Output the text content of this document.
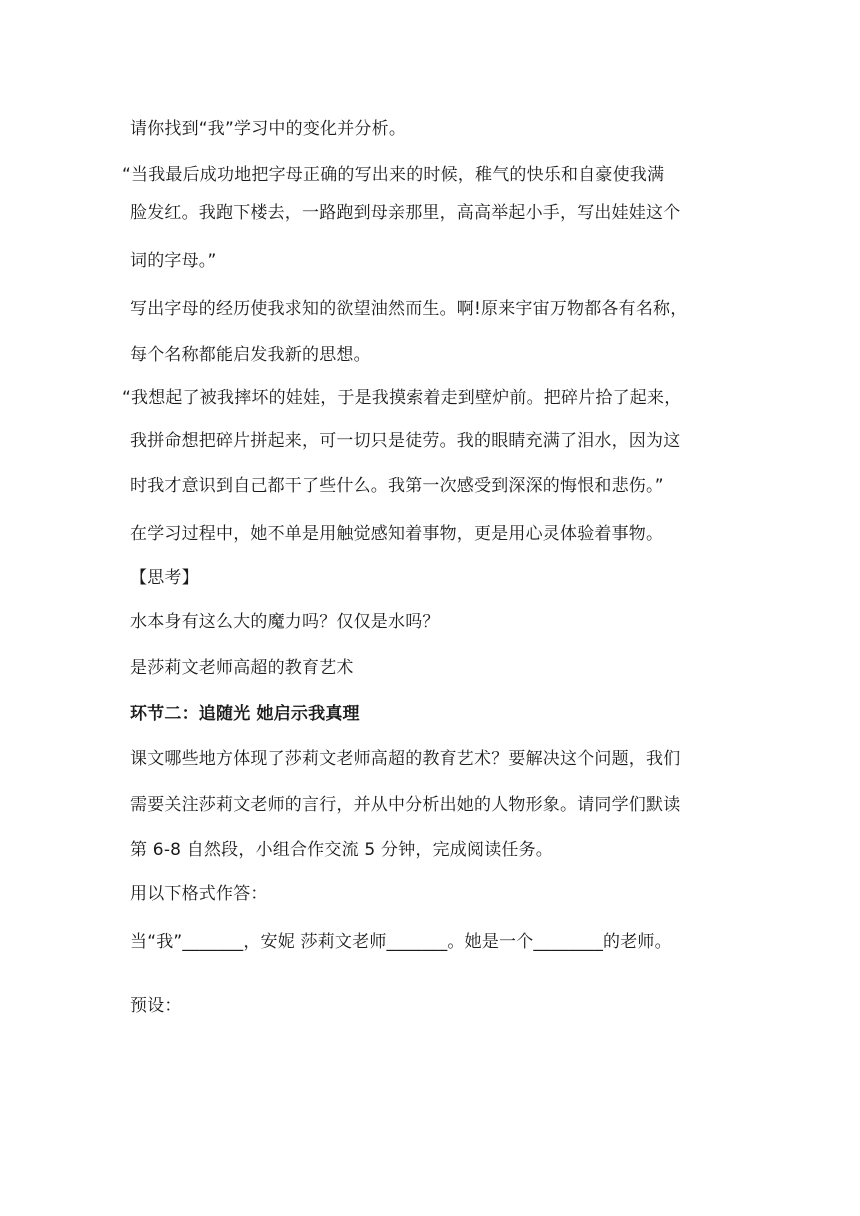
请你找到“我”学习中的变化并分析。
“当我最后成功地把字母正确的写出来的时候，稚气的快乐和自豪使我满
脸发红。我跑下楼去，一路跑到母亲那里，高高举起小手，写出娃娃这个
词的字母。”
写出字母的经历使我求知的欲望油然而生。啊!原来宇宙万物都各有名称，
每个名称都能启发我新的思想。
“我想起了被我摔坏的娃娃，于是我摸索着走到壁炉前。把碎片拾了起来，
我拼命想把碎片拼起来，可一切只是徒劳。我的眼睛充满了泪水，因为这
时我才意识到自己都干了些什么。我第一次感受到深深的悔恨和悲伤。”
在学习过程中，她不单是用触觉感知着事物，更是用心灵体验着事物。
【思考】
水本身有这么大的魔力吗？仅仅是水吗？
是莎莉文老师高超的教育艺术
环节二：追随光 她启示我真理
课文哪些地方体现了莎莉文老师高超的教育艺术？要解决这个问题，我们
需要关注莎莉文老师的言行，并从中分析出她的人物形象。请同学们默读
第 6-8 自然段，小组合作交流 5 分钟，完成阅读任务。
用以下格式作答：
当“我”_______，安妮 莎莉文老师_______。她是一个________的老师。
预设：
